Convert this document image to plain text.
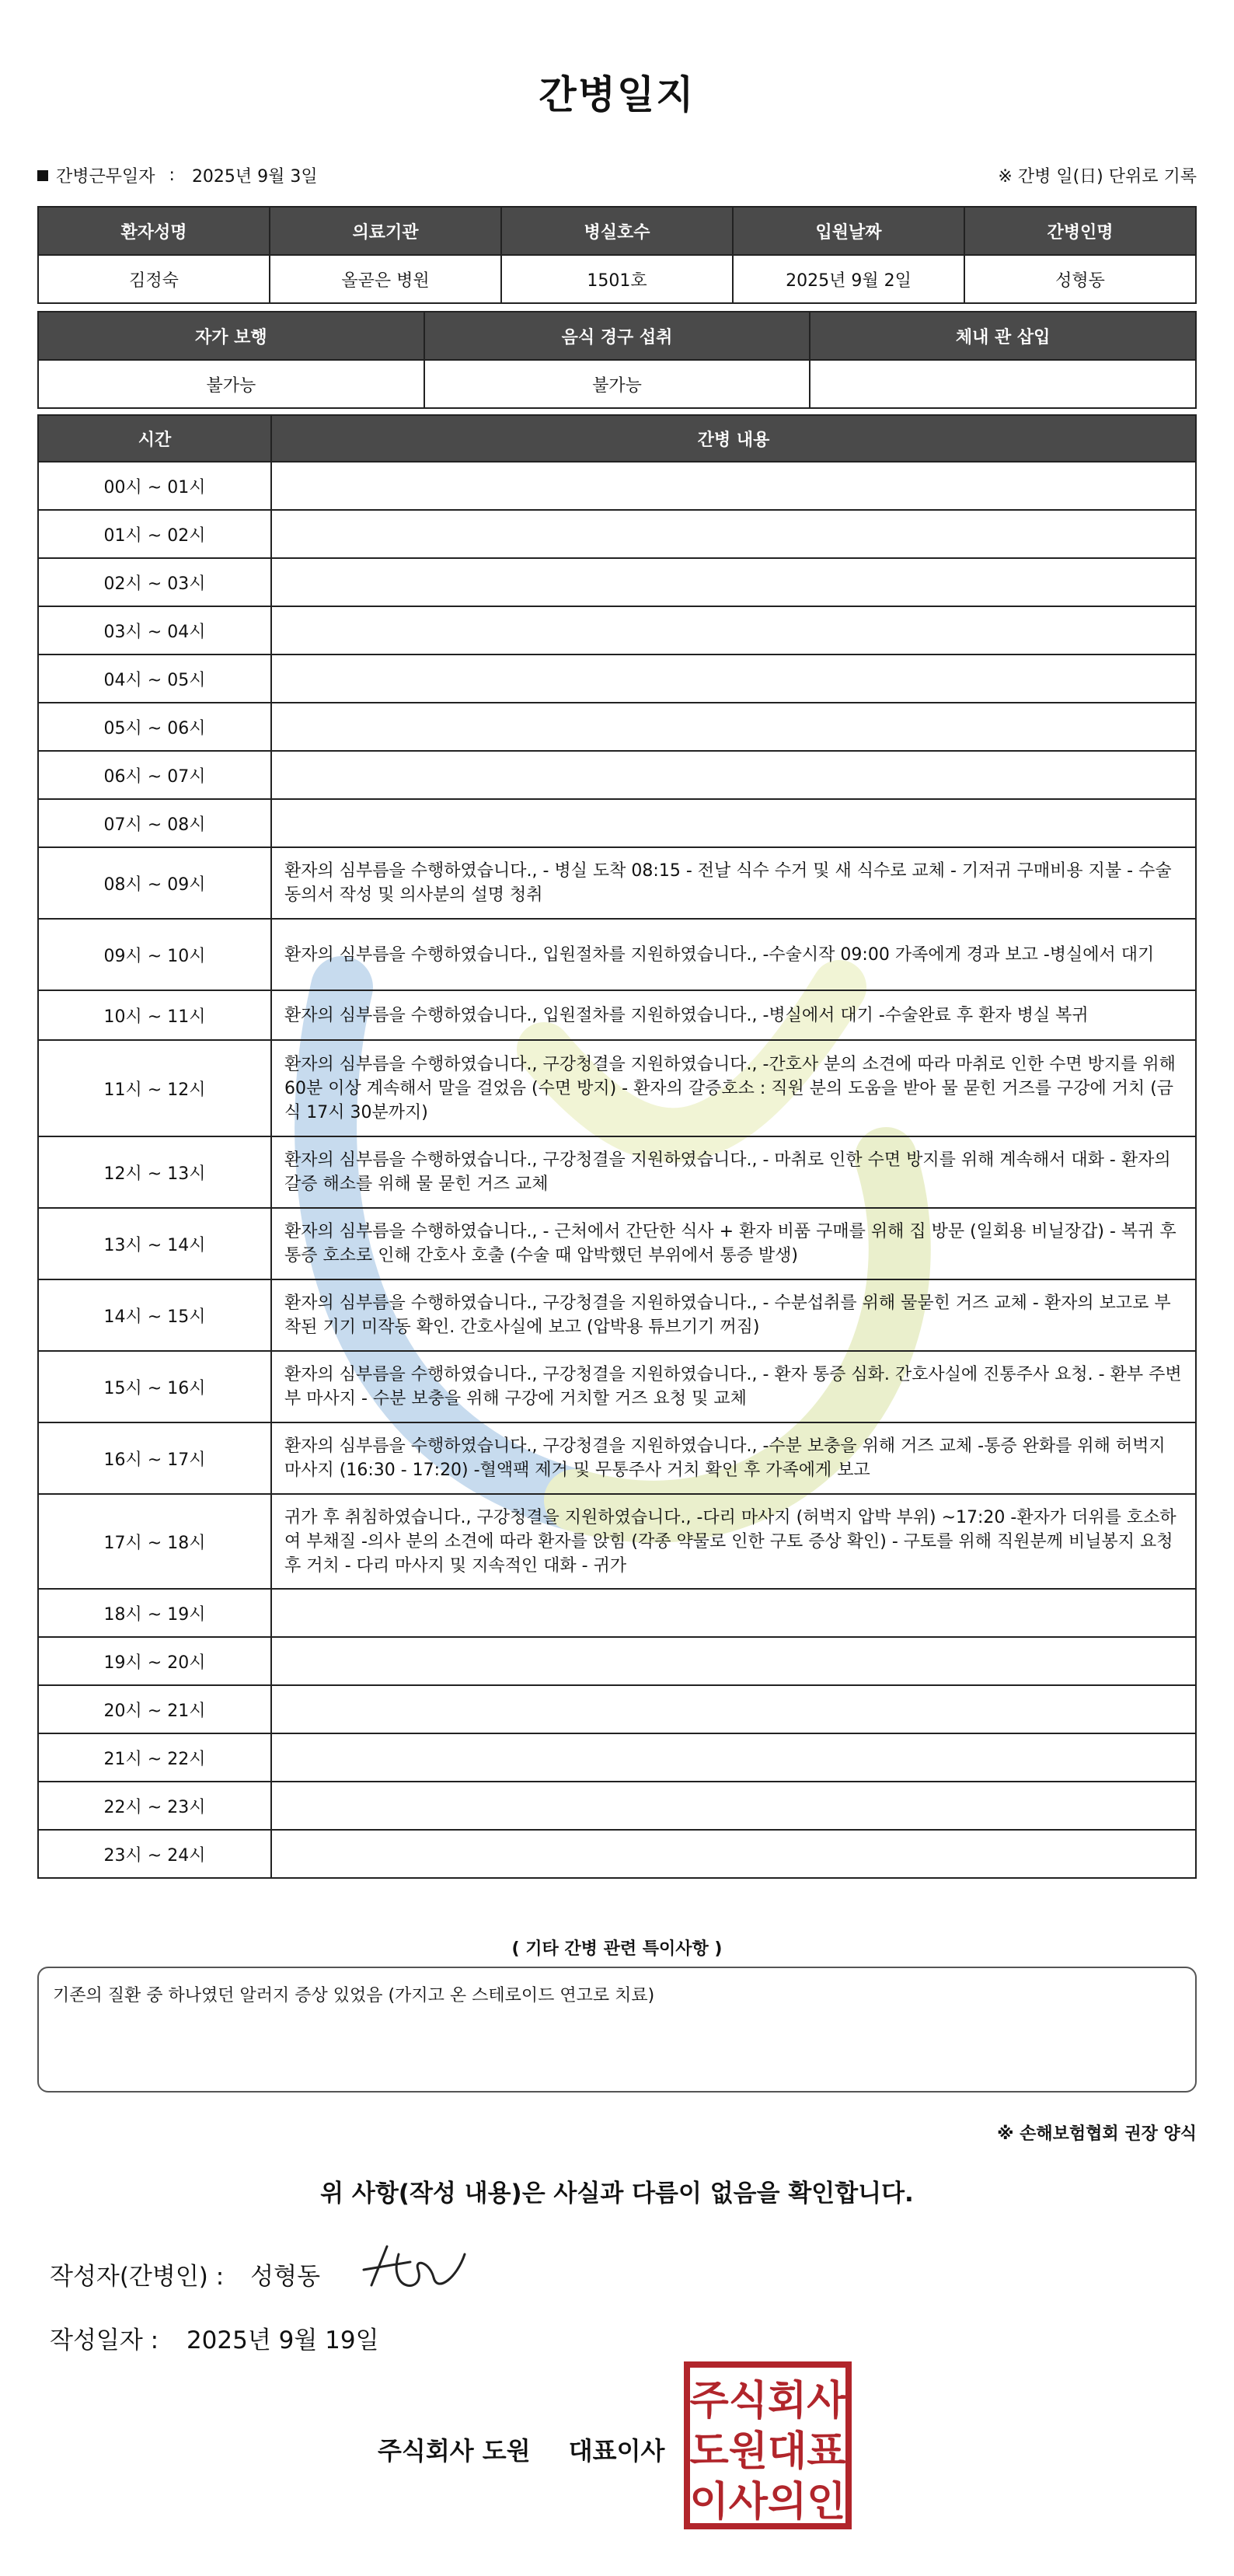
간병일지
간병근무일자 : 2025년 9월 3일	※ 간병 일(日) 단위로 기록
환자성명	의료기관	병실호수	입원날짜	간병인명
김정숙	올곧은 병원	1501호	2025년 9월 2일	성형동
자가 보행	음식 경구 섭취	체내 관 삽입
불가능	불가능	
시간	간병 내용
00시 ~ 01시	
01시 ~ 02시	
02시 ~ 03시	
03시 ~ 04시	
04시 ~ 05시	
05시 ~ 06시	
06시 ~ 07시	
07시 ~ 08시	
08시 ~ 09시	환자의 심부름을 수행하였습니다., - 병실 도착 08:15 - 전날 식수 수거 및 새 식수로 교체 - 기저귀 구매비용 지불 - 수술 동의서 작성 및 의사분의 설명 청취
09시 ~ 10시	환자의 심부름을 수행하였습니다., 입원절차를 지원하였습니다., -수술시작 09:00 가족에게 경과 보고 -병실에서 대기
10시 ~ 11시	환자의 심부름을 수행하였습니다., 입원절차를 지원하였습니다., -병실에서 대기 -수술완료 후 환자 병실 복귀
11시 ~ 12시	환자의 심부름을 수행하였습니다., 구강청결을 지원하였습니다., -간호사 분의 소견에 따라 마취로 인한 수면 방지를 위해 60분 이상 계속해서 말을 걸었음 (수면 방지) - 환자의 갈증호소 : 직원 분의 도움을 받아 물 묻힌 거즈를 구강에 거치 (금식 17시 30분까지)
12시 ~ 13시	환자의 심부름을 수행하였습니다., 구강청결을 지원하였습니다., - 마취로 인한 수면 방지를 위해 계속해서 대화 - 환자의 갈증 해소를 위해 물 묻힌 거즈 교체
13시 ~ 14시	환자의 심부름을 수행하였습니다., - 근처에서 간단한 식사 + 환자 비품 구매를 위해 집 방문 (일회용 비닐장갑) - 복귀 후 통증 호소로 인해 간호사 호출 (수술 때 압박했던 부위에서 통증 발생)
14시 ~ 15시	환자의 심부름을 수행하였습니다., 구강청결을 지원하였습니다., - 수분섭취를 위해 물묻힌 거즈 교체 - 환자의 보고로 부착된 기기 미작동 확인. 간호사실에 보고 (압박용 튜브기기 꺼짐)
15시 ~ 16시	환자의 심부름을 수행하였습니다., 구강청결을 지원하였습니다., - 환자 통증 심화. 간호사실에 진통주사 요청. - 환부 주변부 마사지 - 수분 보충을 위해 구강에 거치할 거즈 요청 및 교체
16시 ~ 17시	환자의 심부름을 수행하였습니다., 구강청결을 지원하였습니다., -수분 보충을 위해 거즈 교체 -통증 완화를 위해 허벅지 마사지 (16:30 - 17:20) -혈액팩 제거 및 무통주사 거치 확인 후 가족에게 보고
17시 ~ 18시	귀가 후 취침하였습니다., 구강청결을 지원하였습니다., -다리 마사지 (허벅지 압박 부위) ~17:20 -환자가 더위를 호소하여 부채질 -의사 분의 소견에 따라 환자를 앉힘 (각종 약물로 인한 구토 증상 확인) - 구토를 위해 직원분께 비닐봉지 요청 후 거치 - 다리 마사지 및 지속적인 대화 - 귀가
18시 ~ 19시	
19시 ~ 20시	
20시 ~ 21시	
21시 ~ 22시	
22시 ~ 23시	
23시 ~ 24시	
( 기타 간병 관련 특이사항 )
기존의 질환 중 하나였던 알러지 증상 있었음 (가지고 온 스테로이드 연고로 치료)
※ 손해보험협회 권장 양식
위 사항(작성 내용)은 사실과 다름이 없음을 확인합니다.
작성자(간병인) : 성형동
작성일자 : 2025년 9월 19일
주식회사 도원 대표이사
주식회사
도원대표
이사의인
